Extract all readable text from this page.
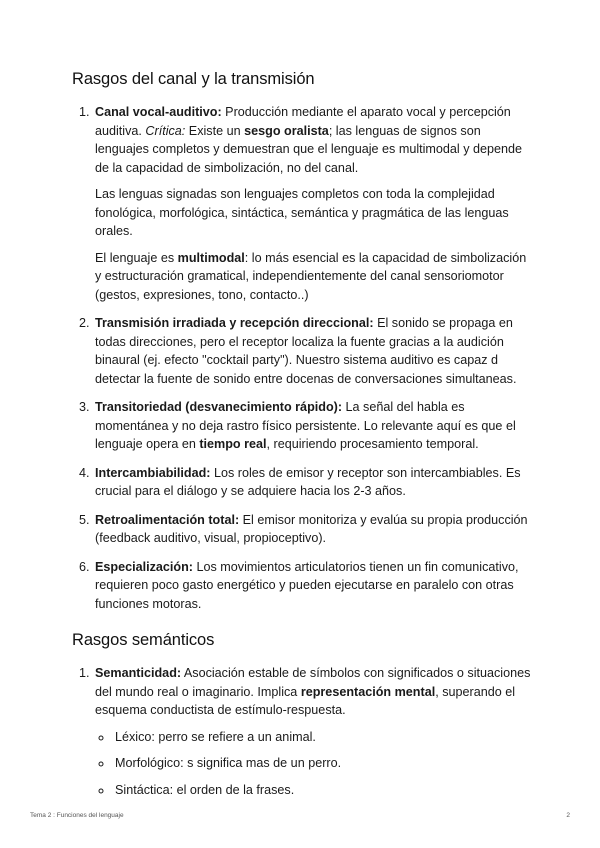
Rasgos del canal y la transmisión
1. Canal vocal-auditivo: Producción mediante el aparato vocal y percepción auditiva. Crítica: Existe un sesgo oralista; las lenguas de signos son lenguajes completos y demuestran que el lenguaje es multimodal y depende de la capacidad de simbolización, no del canal.

Las lenguas signadas son lenguajes completos con toda la complejidad fonológica, morfológica, sintáctica, semántica y pragmática de las lenguas orales.

El lenguaje es multimodal: lo más esencial es la capacidad de simbolización y estructuración gramatical, independientemente del canal sensoriomotor (gestos, expresiones, tono, contacto..)

2. Transmisión irradiada y recepción direccional: El sonido se propaga en todas direcciones, pero el receptor localiza la fuente gracias a la audición binaural (ej. efecto "cocktail party"). Nuestro sistema auditivo es capaz d detectar la fuente de sonido entre docenas de conversaciones simultaneas.
3. Transitoriedad (desvanecimiento rápido): La señal del habla es momentánea y no deja rastro físico persistente. Lo relevante aquí es que el lenguaje opera en tiempo real, requiriendo procesamiento temporal.
4. Intercambiabilidad: Los roles de emisor y receptor son intercambiables. Es crucial para el diálogo y se adquiere hacia los 2-3 años.
5. Retroalimentación total: El emisor monitoriza y evalúa su propia producción (feedback auditivo, visual, propioceptivo).
6. Especialización: Los movimientos articulatorios tienen un fin comunicativo, requieren poco gasto energético y pueden ejecutarse en paralelo con otras funciones motoras.
Rasgos semánticos
1. Semanticidad: Asociación estable de símbolos con significados o situaciones del mundo real o imaginario. Implica representación mental, superando el esquema conductista de estímulo-respuesta.
◦ Léxico: perro se refiere a un animal.
◦ Morfológico: s significa mas de un perro.
◦ Sintáctica: el orden de la frases.
Tema 2 : Funciones del lenguaje	2
